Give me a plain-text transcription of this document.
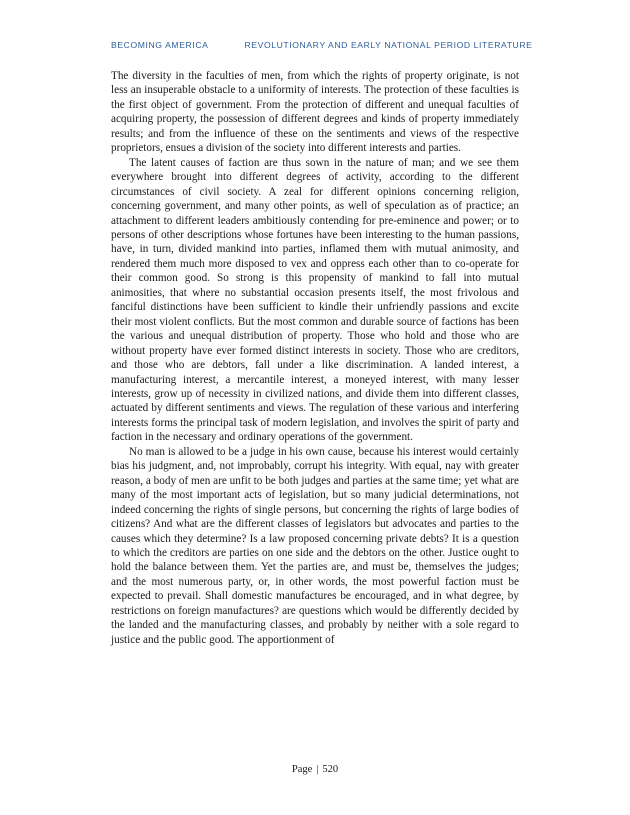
BECOMING AMERICA	REVOLUTIONARY AND EARLY NATIONAL PERIOD LITERATURE

The diversity in the faculties of men, from which the rights of property originate, is not less an insuperable obstacle to a uniformity of interests. The protection of these faculties is the first object of government. From the protection of different and unequal faculties of acquiring property, the possession of different degrees and kinds of property immediately results; and from the influence of these on the sentiments and views of the respective proprietors, ensues a division of the society into different interests and parties.

The latent causes of faction are thus sown in the nature of man; and we see them everywhere brought into different degrees of activity, according to the different circumstances of civil society. A zeal for different opinions concerning religion, concerning government, and many other points, as well of speculation as of practice; an attachment to different leaders ambitiously contending for pre-eminence and power; or to persons of other descriptions whose fortunes have been interesting to the human passions, have, in turn, divided mankind into parties, inflamed them with mutual animosity, and rendered them much more disposed to vex and oppress each other than to co-operate for their common good. So strong is this propensity of mankind to fall into mutual animosities, that where no substantial occasion presents itself, the most frivolous and fanciful distinctions have been sufficient to kindle their unfriendly passions and excite their most violent conflicts. But the most common and durable source of factions has been the various and unequal distribution of property. Those who hold and those who are without property have ever formed distinct interests in society. Those who are creditors, and those who are debtors, fall under a like discrimination. A landed interest, a manufacturing interest, a mercantile interest, a moneyed interest, with many lesser interests, grow up of necessity in civilized nations, and divide them into different classes, actuated by different sentiments and views. The regulation of these various and interfering interests forms the principal task of modern legislation, and involves the spirit of party and faction in the necessary and ordinary operations of the government.

No man is allowed to be a judge in his own cause, because his interest would certainly bias his judgment, and, not improbably, corrupt his integrity. With equal, nay with greater reason, a body of men are unfit to be both judges and parties at the same time; yet what are many of the most important acts of legislation, but so many judicial determinations, not indeed concerning the rights of single persons, but concerning the rights of large bodies of citizens? And what are the different classes of legislators but advocates and parties to the causes which they determine? Is a law proposed concerning private debts? It is a question to which the creditors are parties on one side and the debtors on the other. Justice ought to hold the balance between them. Yet the parties are, and must be, themselves the judges; and the most numerous party, or, in other words, the most powerful faction must be expected to prevail. Shall domestic manufactures be encouraged, and in what degree, by restrictions on foreign manufactures? are questions which would be differently decided by the landed and the manufacturing classes, and probably by neither with a sole regard to justice and the public good. The apportionment of

Page | 520
